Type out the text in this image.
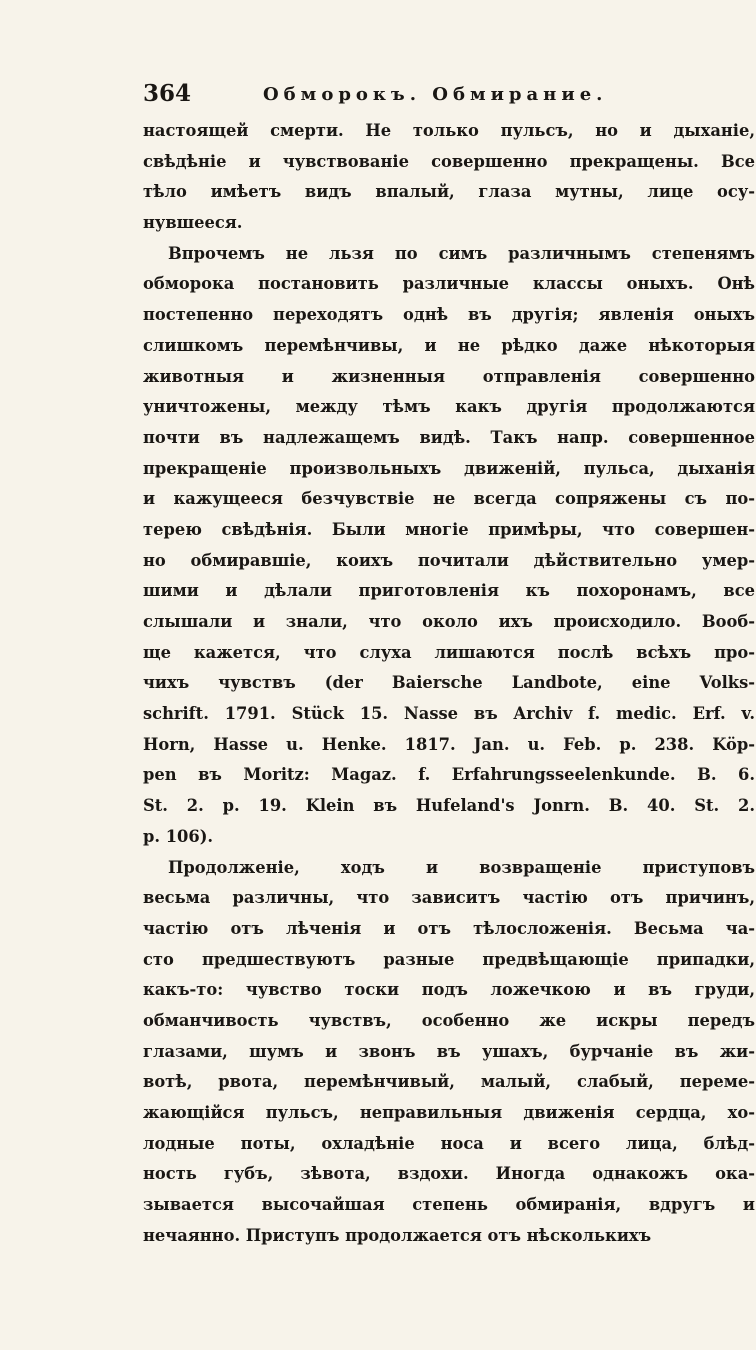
364	Обморокъ. Обмирание.
настоящей смерти. Не только пульсъ, но и дыханіе,
свѣдѣніе и чувствованіе совершенно прекращены. Все
тѣло имѣетъ видъ впалый, глаза мутны, лице осу-
нувшееся.
Впрочемъ не льзя по симъ различнымъ степенямъ
обморока постановить различные классы оныхъ. Онѣ
постепенно переходятъ однѣ въ другія; явленія оныхъ
слишкомъ перемѣнчивы, и не рѣдко даже нѣкоторыя
животныя и жизненныя отправленія совершенно
уничтожены, между тѣмъ какъ другія продолжаются
почти въ надлежащемъ видѣ. Такъ напр. совершенное
прекращеніе произвольныхъ движеній, пульса, дыханія
и кажущееся безчувствіе не всегда сопряжены съ по-
терею свѣдѣнія. Были многіе примѣры, что совершен-
но обмиравшіе, коихъ почитали дѣйствительно умер-
шими и дѣлали приготовленія къ похоронамъ, все
слышали и знали, что около ихъ происходило. Вооб-
ще кажется, что слуха лишаются послѣ всѣхъ про-
чихъ чувствъ (der Baiersche Landbote, eine Volks-
schrift. 1791. Stück 15. Nasse въ Archiv f. medic. Erf. v.
Horn, Hasse u. Henke. 1817. Jan. u. Feb. p. 238. Köp-
pen въ Moritz: Magaz. f. Erfahrungsseelenkunde. B. 6.
St. 2. p. 19. Klein въ Hufeland's Jonrn. B. 40. St. 2.
p. 106).
Продолженіе, ходъ и возвращеніе приступовъ
весьма различны, что зависитъ частію отъ причинъ,
частію отъ лѣченія и отъ тѣлосложенія. Весьма ча-
сто предшествуютъ разные предвѣщающіе припадки,
какъ-то: чувство тоски подъ ложечкою и въ груди,
обманчивость чувствъ, особенно же искры передъ
глазами, шумъ и звонъ въ ушахъ, бурчаніе въ жи-
вотѣ, рвота, перемѣнчивый, малый, слабый, переме-
жающійся пульсъ, неправильныя движенія сердца, хо-
лодные поты, охладѣніе носа и всего лица, блѣд-
ность губъ, зѣвота, вздохи. Иногда однакожъ ока-
зывается высочайшая степень обмиранія, вдругъ и
нечаянно. Приступъ продолжается отъ нѣсколькихъ
